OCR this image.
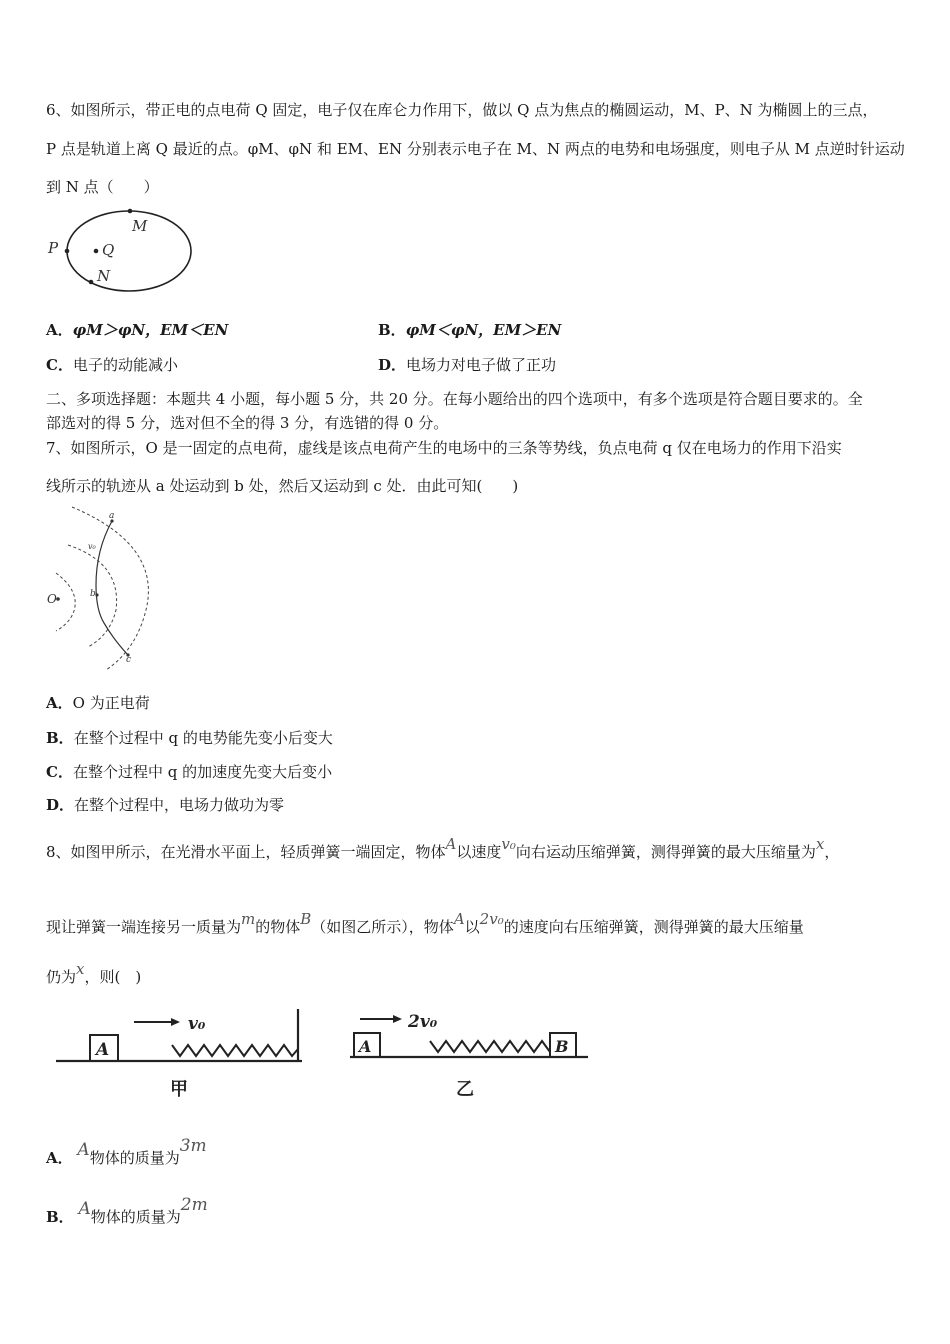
6、如图所示，带正电的点电荷 Q 固定，电子仅在库仑力作用下，做以 Q 点为焦点的椭圆运动，M、P、N 为椭圆上的三点，
P 点是轨道上离 Q 最近的点。φM、φN 和 EM、EN 分别表示电子在 M、N 两点的电势和电场强度，则电子从 M 点逆时针运动
到 N 点（　　）
P	Q
M
N
A．φM＞φN，EM＜EN	B．φM＜φN，EM＞EN
C．电子的动能减小	D．电场力对电子做了正功
二、多项选择题：本题共 4 小题，每小题 5 分，共 20 分。在每小题给出的四个选项中，有多个选项是符合题目要求的。全
部选对的得 5 分，选对但不全的得 3 分，有选错的得 0 分。
7、如图所示，O 是一固定的点电荷，虚线是该点电荷产生的电场中的三条等势线，负点电荷 q 仅在电场力的作用下沿实
线所示的轨迹从 a 处运动到 b 处，然后又运动到 c 处．由此可知(　　)
O
a
v₀
b
c
A．O 为正电荷
B．在整个过程中 q 的电势能先变小后变大
C．在整个过程中 q 的加速度先变大后变小
D．在整个过程中，电场力做功为零
8、如图甲所示，在光滑水平面上，轻质弹簧一端固定，物体A以速度v₀向右运动压缩弹簧，测得弹簧的最大压缩量为x，
现让弹簧一端连接另一质量为m的物体B（如图乙所示），物体A以2v₀的速度向右压缩弹簧，测得弹簧的最大压缩量
仍为x，则(　)
A
v₀
甲
A	B
2v₀
乙
A． A物体的质量为3m
B． A物体的质量为2m
